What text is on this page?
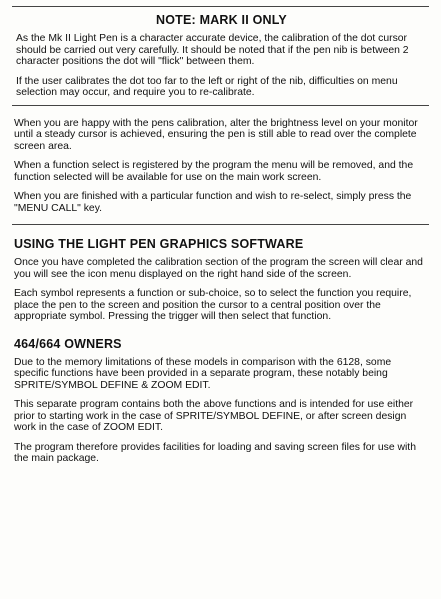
NOTE: MARK II ONLY

As the Mk II Light Pen is a character accurate device, the calibration of the dot cursor should be carried out very carefully. It should be noted that if the pen nib is between 2 character positions the dot will "flick" between them.

If the user calibrates the dot too far to the left or right of the nib, difficulties on menu selection may occur, and require you to re-calibrate.

When you are happy with the pens calibration, alter the brightness level on your monitor until a steady cursor is achieved, ensuring the pen is still able to read over the complete screen area.

When a function select is registered by the program the menu will be removed, and the function selected will be available for use on the main work screen.

When you are finished with a particular function and wish to re-select, simply press the "MENU CALL" key.

USING THE LIGHT PEN GRAPHICS SOFTWARE

Once you have completed the calibration section of the program the screen will clear and you will see the icon menu displayed on the right hand side of the screen.

Each symbol represents a function or sub-choice, so to select the function you require, place the pen to the screen and position the cursor to a central position over the appropriate symbol. Pressing the trigger will then select that function.

464/664 OWNERS

Due to the memory limitations of these models in comparison with the 6128, some specific functions have been provided in a separate program, these notably being SPRITE/SYMBOL DEFINE & ZOOM EDIT.

This separate program contains both the above functions and is intended for use either prior to starting work in the case of SPRITE/SYMBOL DEFINE, or after screen design work in the case of ZOOM EDIT.

The program therefore provides facilities for loading and saving screen files for use with the main package.
